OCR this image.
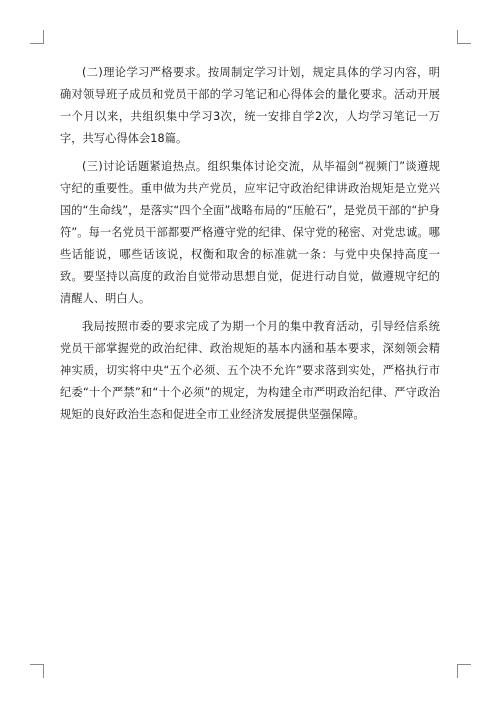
(二)理论学习严格要求。按周制定学习计划，规定具体的学习内容，明确对领导班子成员和党员干部的学习笔记和心得体会的量化要求。活动开展一个月以来，共组织集中学习3次，统一安排自学2次，人均学习笔记一万字，共写心得体会18篇。

(三)讨论话题紧追热点。组织集体讨论交流，从毕福剑“视频门”谈遵规守纪的重要性。重申做为共产党员，应牢记守政治纪律讲政治规矩是立党兴国的“生命线”，是落实“四个全面”战略布局的“压舱石”，是党员干部的“护身符”。每一名党员干部都要严格遵守党的纪律、保守党的秘密、对党忠诚。哪些话能说，哪些话该说，权衡和取舍的标准就一条：与党中央保持高度一致。要坚持以高度的政治自觉带动思想自觉，促进行动自觉，做遵规守纪的清醒人、明白人。

我局按照市委的要求完成了为期一个月的集中教育活动，引导经信系统党员干部掌握党的政治纪律、政治规矩的基本内涵和基本要求，深刻领会精神实质，切实将中央“五个必须、五个决不允许”要求落到实处，严格执行市纪委“十个严禁”和“十个必须”的规定，为构建全市严明政治纪律、严守政治规矩的良好政治生态和促进全市工业经济发展提供坚强保障。
